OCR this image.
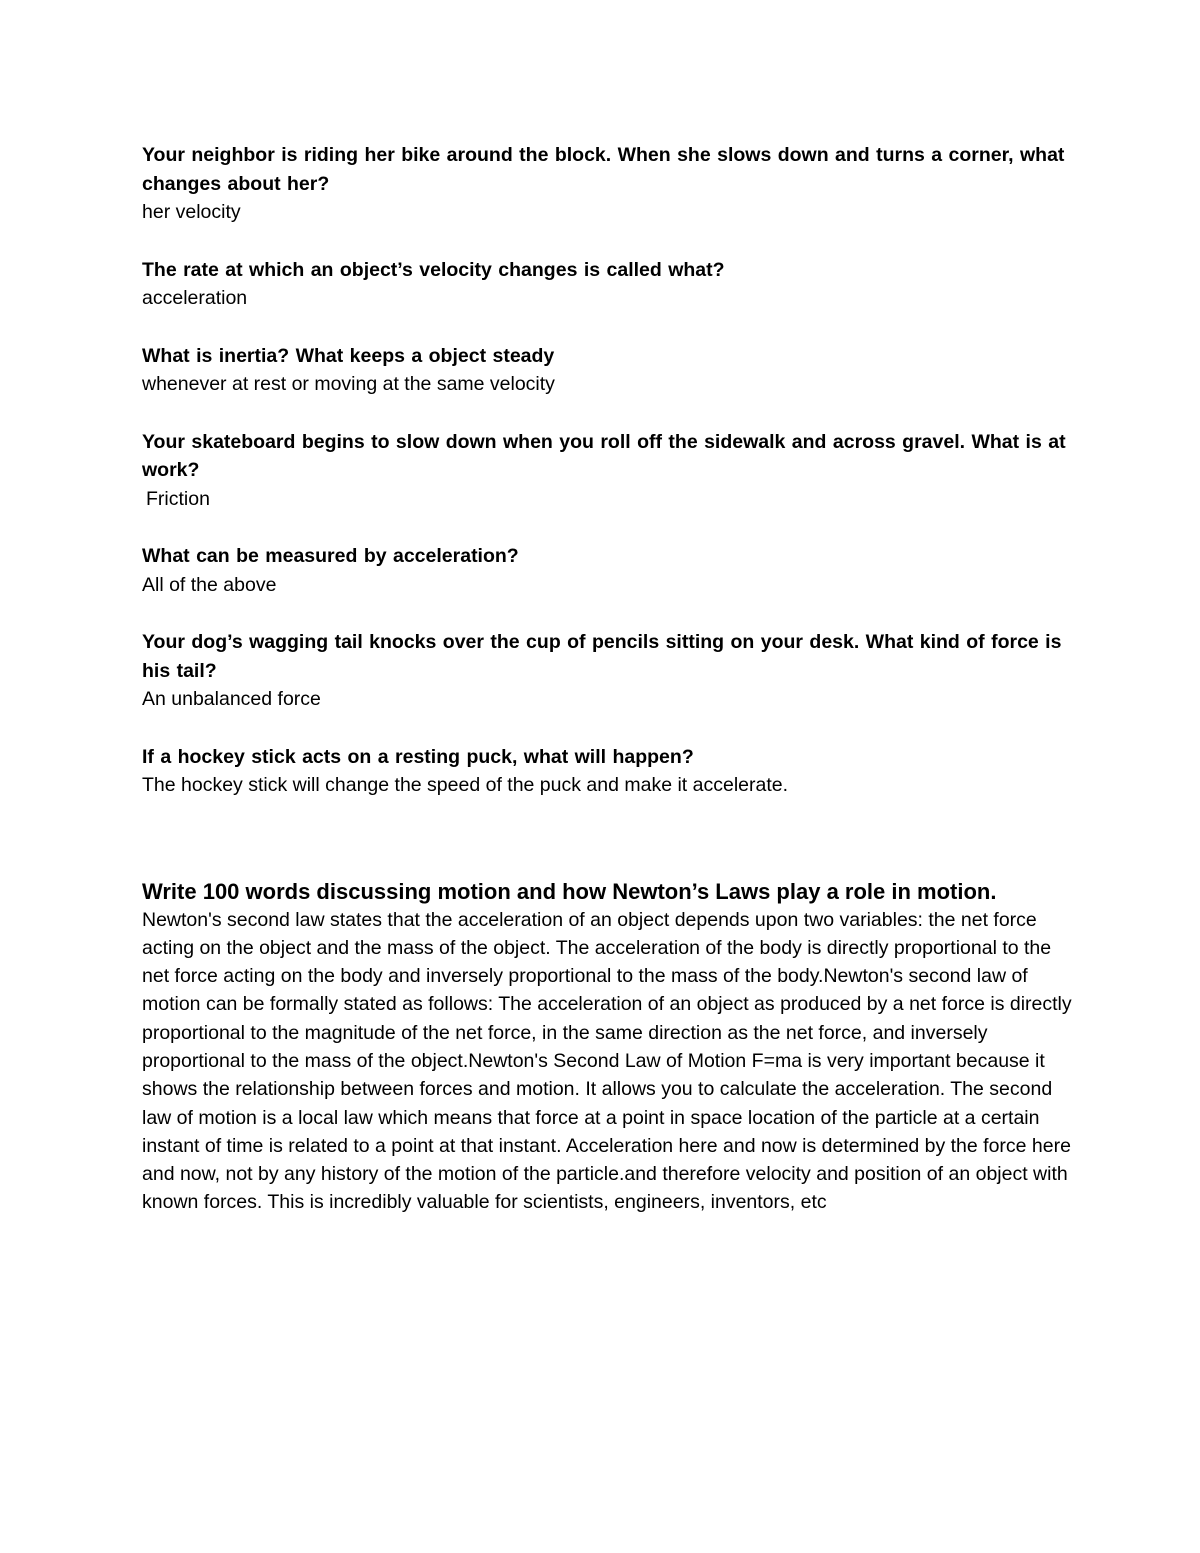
Your neighbor is riding her bike around the block. When she slows down and turns a corner, what changes about her?

her velocity

The rate at which an object’s velocity changes is called what?

acceleration

What is inertia? What keeps a object steady

whenever at rest or moving at the same velocity

Your skateboard begins to slow down when you roll off the sidewalk and across gravel. What is at work?

Friction

What can be measured by acceleration?

All of the above

Your dog’s wagging tail knocks over the cup of pencils sitting on your desk. What kind of force is his tail?

An unbalanced force

If a hockey stick acts on a resting puck, what will happen?

The hockey stick will change the speed of the puck and make it accelerate.

Write 100 words discussing motion and how Newton’s Laws play a role in motion.

Newton's second law states that the acceleration of an object depends upon two variables: the net force acting on the object and the mass of the object. The acceleration of the body is directly proportional to the net force acting on the body and inversely proportional to the mass of the body.Newton's second law of motion can be formally stated as follows: The acceleration of an object as produced by a net force is directly proportional to the magnitude of the net force, in the same direction as the net force, and inversely proportional to the mass of the object.Newton's Second Law of Motion F=ma is very important because it shows the relationship between forces and motion. It allows you to calculate the acceleration. The second law of motion is a local law which means that force at a point in space location of the particle at a certain instant of time is related to a point at that instant. Acceleration here and now is determined by the force here and now, not by any history of the motion of the particle.and therefore velocity and position of an object with known forces. This is incredibly valuable for scientists, engineers, inventors, etc
